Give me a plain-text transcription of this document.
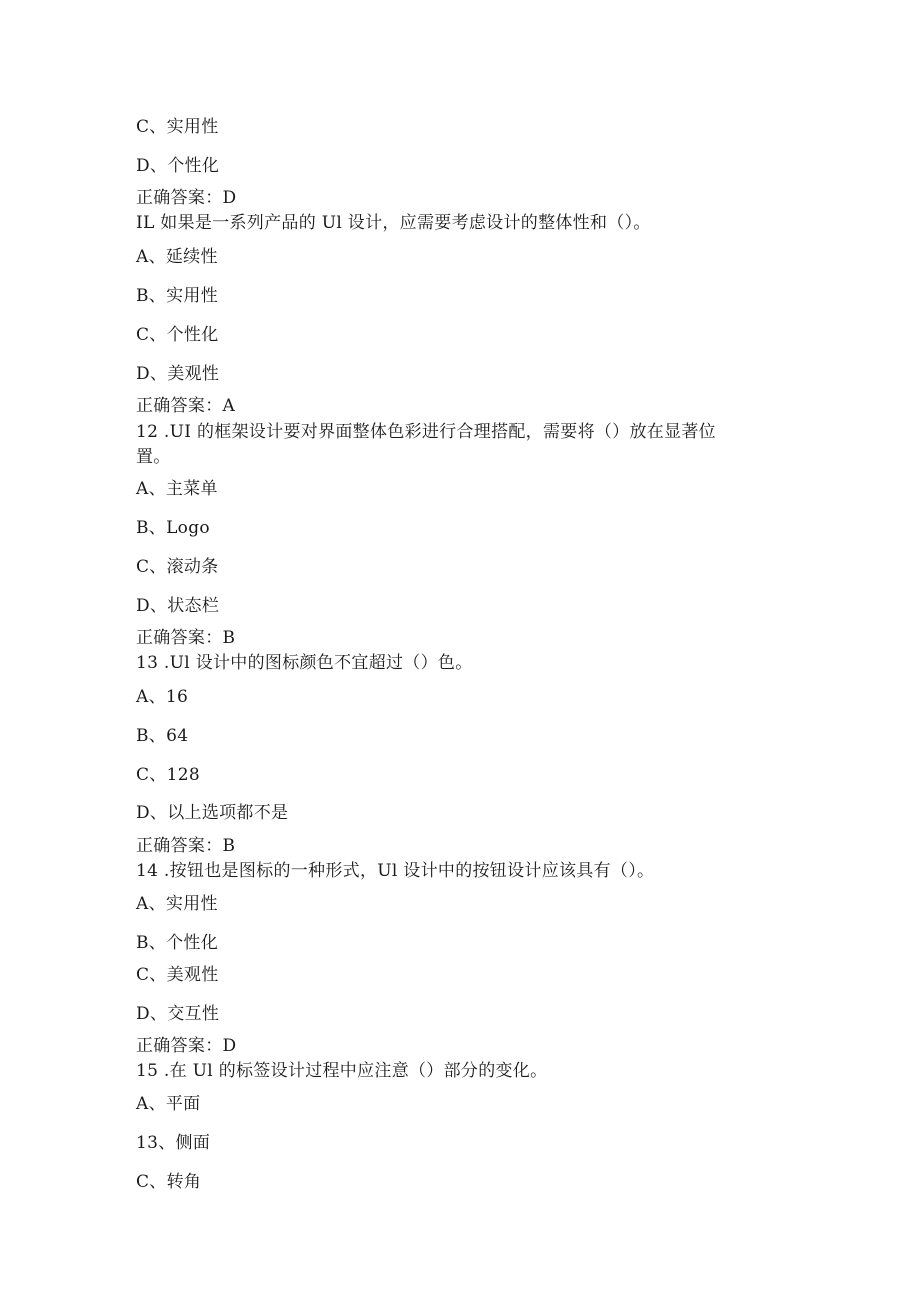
C、实用性
D、个性化
正确答案：D
IL 如果是一系列产品的 Ul 设计，应需要考虑设计的整体性和（）。
A、延续性
B、实用性
C、个性化
D、美观性
正确答案：A
12 .UI 的框架设计要对界面整体色彩进行合理搭配，需要将（）放在显著位
置。
A、主菜单
B、Logo
C、滚动条
D、状态栏
正确答案：B
13 .Ul 设计中的图标颜色不宜超过（）色。
A、16
B、64
C、128
D、以上选项都不是
正确答案：B
14 .按钮也是图标的一种形式，Ul 设计中的按钮设计应该具有（）。
A、实用性
B、个性化
C、美观性
D、交互性
正确答案：D
15 .在 Ul 的标签设计过程中应注意（）部分的变化。
A、平面
13、侧面
C、转角
